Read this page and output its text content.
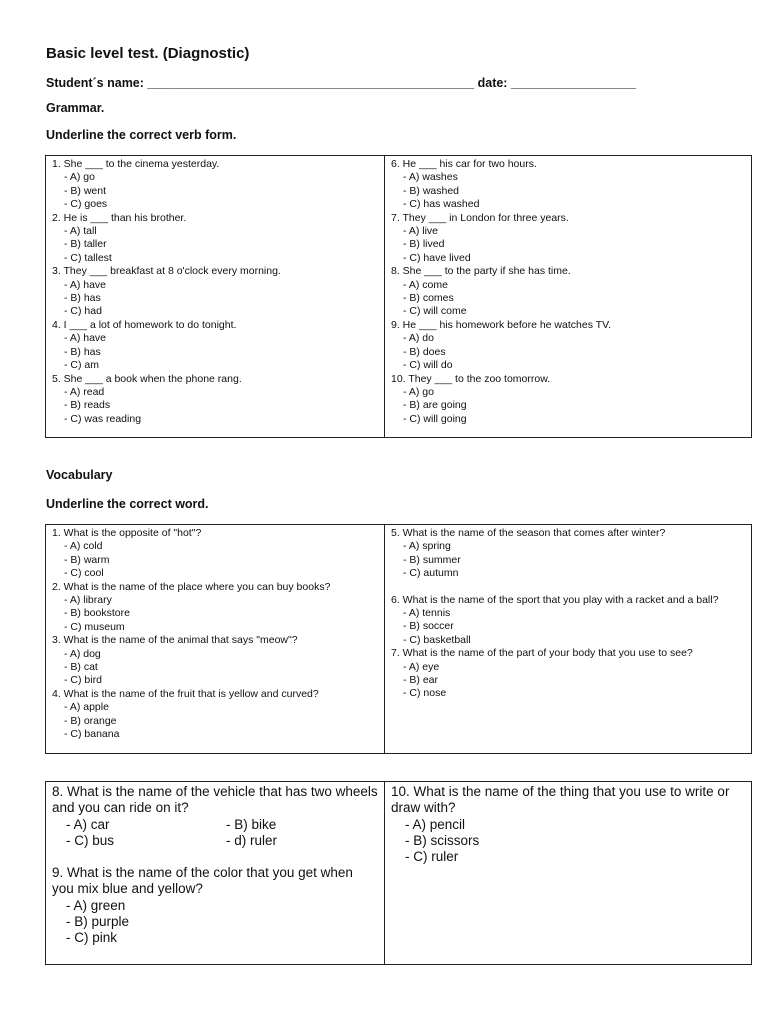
Basic level test. (Diagnostic)
Student´s name: _______________________________________________ date: __________________
Grammar.
Underline the correct verb form.
1. She ___ to the cinema yesterday.
- A) go
- B) went
- C) goes
2. He is ___ than his brother.
- A) tall
- B) taller
- C) tallest
3. They ___ breakfast at 8 o'clock every morning.
- A) have
- B) has
- C) had
4. I ___ a lot of homework to do tonight.
- A) have
- B) has
- C) am
5. She ___ a book when the phone rang.
- A) read
- B) reads
- C) was reading
6. He ___ his car for two hours.
- A) washes
- B) washed
- C) has washed
7. They ___ in London for three years.
- A) live
- B) lived
- C) have lived
8. She ___ to the party if she has time.
- A) come
- B) comes
- C) will come
9. He ___ his homework before he watches TV.
- A) do
- B) does
- C) will do
10. They ___ to the zoo tomorrow.
- A) go
- B) are going
- C) will going
Vocabulary
Underline the correct word.
1. What is the opposite of "hot"?
- A) cold
- B) warm
- C) cool
2. What is the name of the place where you can buy books?
- A) library
- B) bookstore
- C) museum
3. What is the name of the animal that says "meow"?
- A) dog
- B) cat
- C) bird
4. What is the name of the fruit that is yellow and curved?
- A) apple
- B) orange
- C) banana
5. What is the name of the season that comes after winter?
- A) spring
- B) summer
- C) autumn
6. What is the name of the sport that you play with a racket and a ball?
- A) tennis
- B) soccer
- C) basketball
7. What is the name of the part of your body that you use to see?
- A) eye
- B) ear
- C) nose
8. What is the name of the vehicle that has two wheels and you can ride on it?
- A) car	- B) bike
- C) bus	- d) ruler
9. What is the name of the color that you get when you mix blue and yellow?
- A) green
- B) purple
- C) pink
10. What is the name of the thing that you use to write or draw with?
- A) pencil
- B) scissors
- C) ruler
